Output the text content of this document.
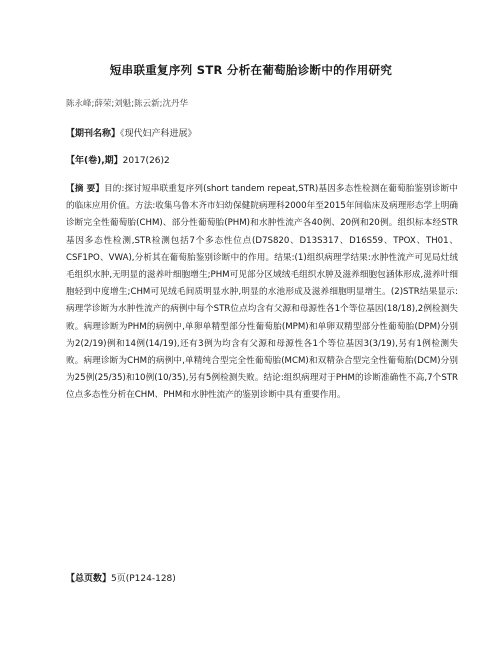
短串联重复序列 STR 分析在葡萄胎诊断中的作用研究
陈永峰;薛荣;刘魁;陈云新;沈丹华
【期刊名称】《现代妇产科进展》
【年(卷),期】2017(26)2
【摘 要】目的:探讨短串联重复序列(short tandem repeat,STR)基因多态性检测在葡萄胎鉴别诊断中的临床应用价值。方法:收集乌鲁木齐市妇幼保健院病理科2000年至2015年间临床及病理形态学上明确诊断完全性葡萄胎(CHM)、部分性葡萄胎(PHM)和水肿性流产各40例、20例和20例。组织标本经STR基因多态性检测,STR检测包括7个多态性位点(D7S820、D13S317、D16S59、TPOX、TH01、CSF1PO、VWA),分析其在葡萄胎鉴别诊断中的作用。结果:(1)组织病理学结果:水肿性流产可见局灶绒毛组织水肿,无明显的滋养叶细胞增生;PHM可见部分区域绒毛组织水肿及滋养细胞包涵体形成,滋养叶细胞轻到中度增生;CHM可见绒毛间质明显水肿,明显的水池形成及滋养细胞明显增生。(2)STR结果显示:病理学诊断为水肿性流产的病例中每个STR位点均含有父源和母源性各1个等位基因(18/18),2例检测失败。病理诊断为PHM的病例中,单卵单精型部分性葡萄胎(MPM)和单卵双精型部分性葡萄胎(DPM)分别为2(2/19)例和14例(14/19),还有3例为均含有父源和母源性各1个等位基因3(3/19),另有1例检测失败。病理诊断为CHM的病例中,单精纯合型完全性葡萄胎(MCM)和双精杂合型完全性葡萄胎(DCM)分别为25例(25/35)和10例(10/35),另有5例检测失败。结论:组织病理对于PHM的诊断准确性不高,7个STR位点多态性分析在CHM、PHM和水肿性流产的鉴别诊断中具有重要作用。
【总页数】5页(P124-128)
